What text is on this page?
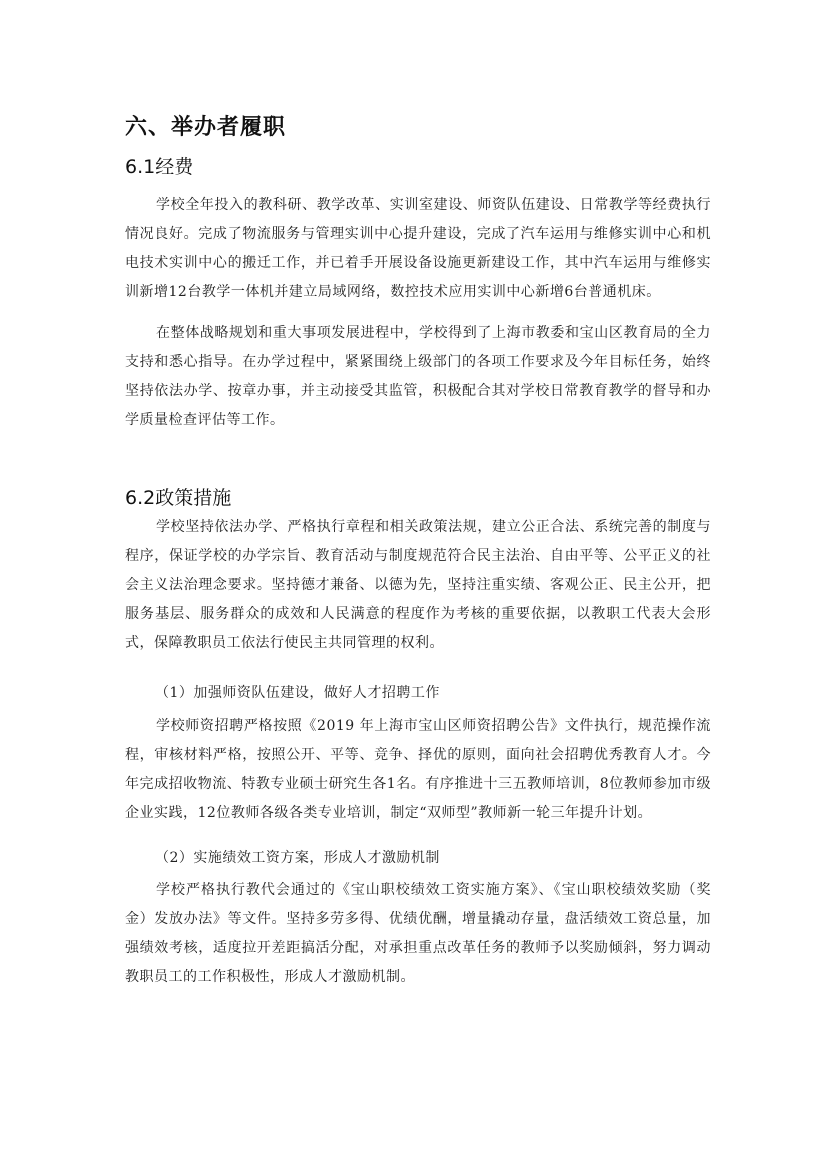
六、举办者履职
6.1经费

学校全年投入的教科研、教学改革、实训室建设、师资队伍建设、日常教学等经费执行情况良好。完成了物流服务与管理实训中心提升建设，完成了汽车运用与维修实训中心和机电技术实训中心的搬迁工作，并已着手开展设备设施更新建设工作，其中汽车运用与维修实训新增12台教学一体机并建立局域网络，数控技术应用实训中心新增6台普通机床。

在整体战略规划和重大事项发展进程中，学校得到了上海市教委和宝山区教育局的全力支持和悉心指导。在办学过程中，紧紧围绕上级部门的各项工作要求及今年目标任务，始终坚持依法办学、按章办事，并主动接受其监管，积极配合其对学校日常教育教学的督导和办学质量检查评估等工作。

6.2政策措施

学校坚持依法办学、严格执行章程和相关政策法规，建立公正合法、系统完善的制度与程序，保证学校的办学宗旨、教育活动与制度规范符合民主法治、自由平等、公平正义的社会主义法治理念要求。坚持德才兼备、以德为先，坚持注重实绩、客观公正、民主公开，把服务基层、服务群众的成效和人民满意的程度作为考核的重要依据，以教职工代表大会形式，保障教职员工依法行使民主共同管理的权利。

（1）加强师资队伍建设，做好人才招聘工作

学校师资招聘严格按照《2019 年上海市宝山区师资招聘公告》文件执行，规范操作流程，审核材料严格，按照公开、平等、竞争、择优的原则，面向社会招聘优秀教育人才。今年完成招收物流、特教专业硕士研究生各1名。有序推进十三五教师培训，8位教师参加市级企业实践，12位教师各级各类专业培训，制定“双师型”教师新一轮三年提升计划。

（2）实施绩效工资方案，形成人才激励机制

学校严格执行教代会通过的《宝山职校绩效工资实施方案》、《宝山职校绩效奖励（奖金）发放办法》等文件。坚持多劳多得、优绩优酬，增量撬动存量，盘活绩效工资总量，加强绩效考核，适度拉开差距搞活分配，对承担重点改革任务的教师予以奖励倾斜，努力调动教职员工的工作积极性，形成人才激励机制。
